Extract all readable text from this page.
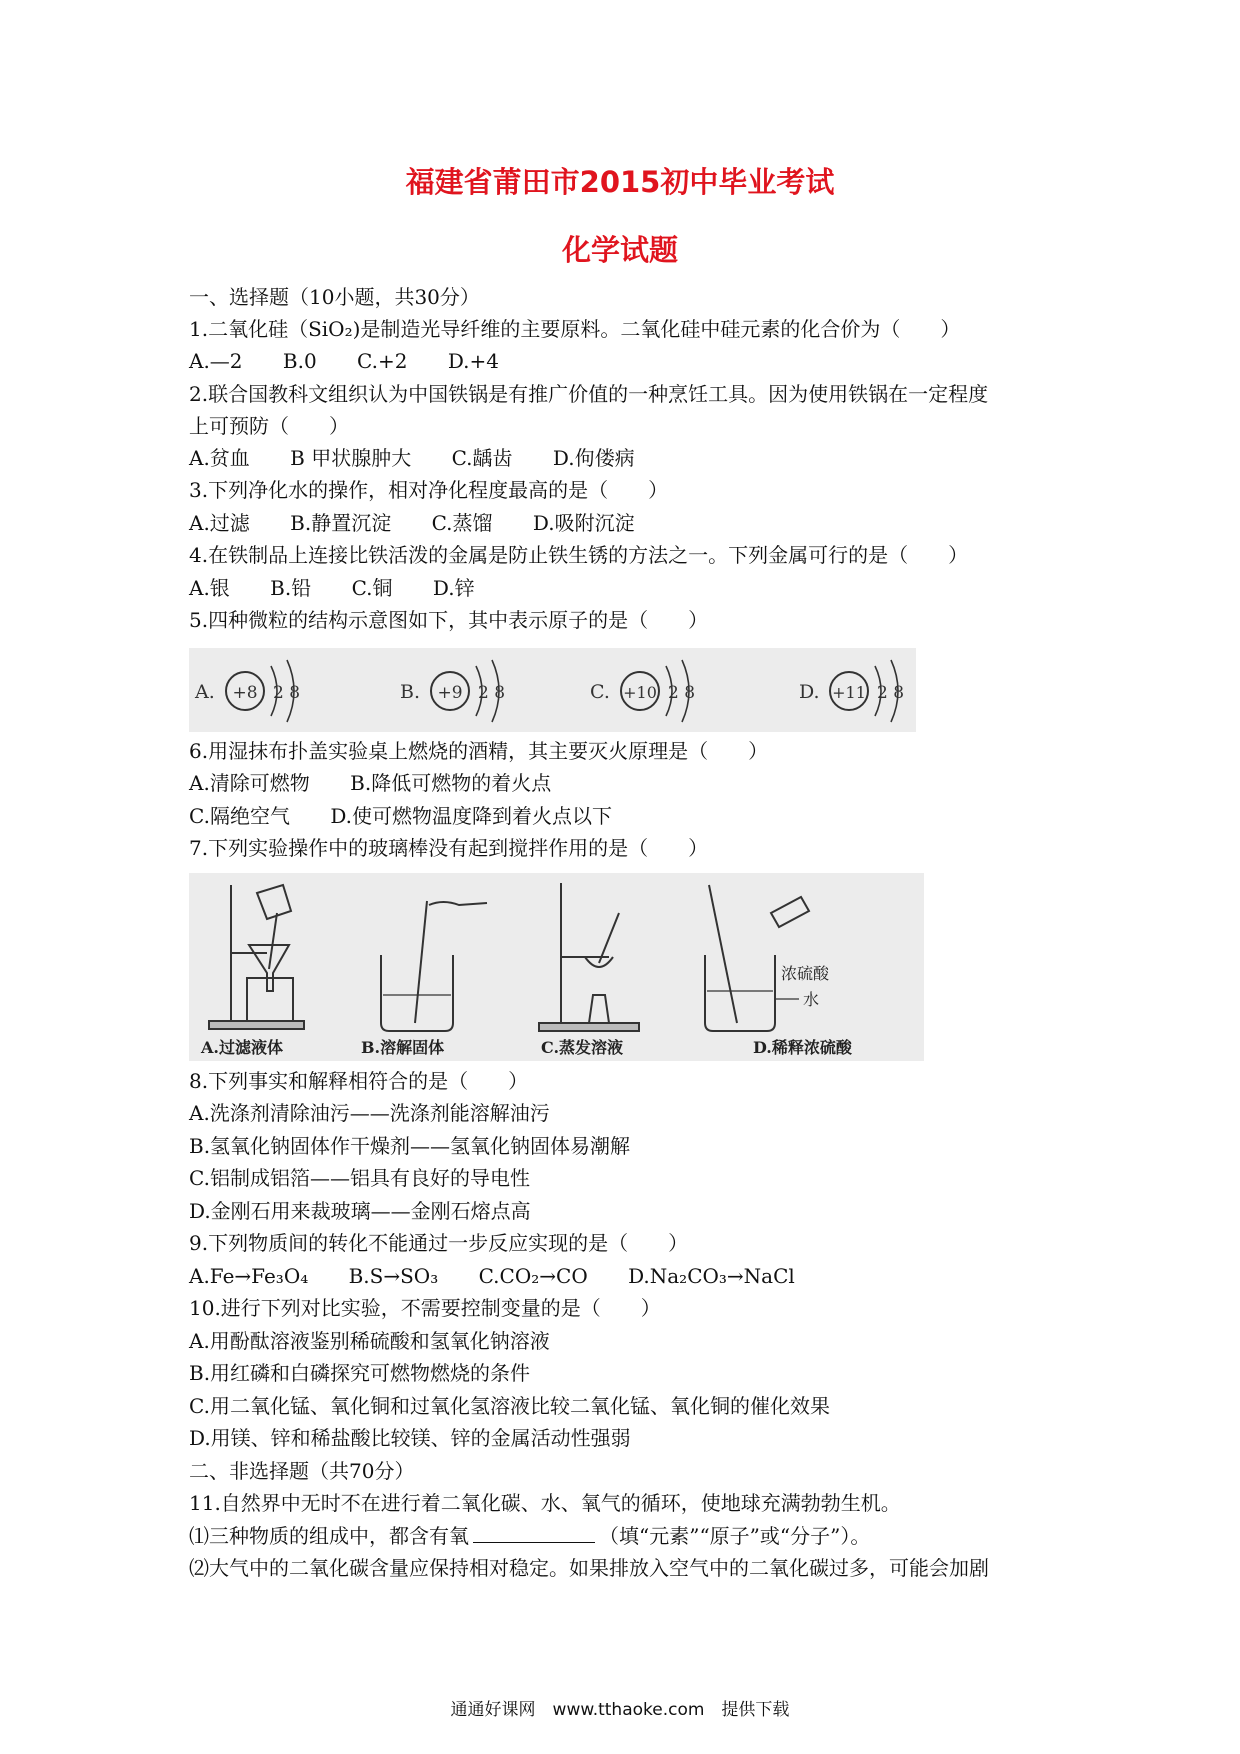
福建省莆田市2015初中毕业考试
化学试题
一、选择题（10小题，共30分）
1.二氧化硅（SiO₂)是制造光导纤维的主要原料。二氧化硅中硅元素的化合价为（　　）
A.—2 B.0 C.+2 D.+4
2.联合国教科文组织认为中国铁锅是有推广价值的一种烹饪工具。因为使用铁锅在一定程度
上可预防（　　）
A.贫血 B 甲状腺肿大 C.龋齿 D.佝偻病
3.下列净化水的操作，相对净化程度最高的是（　　）
A.过滤 B.静置沉淀 C.蒸馏 D.吸附沉淀
4.在铁制品上连接比铁活泼的金属是防止铁生锈的方法之一。下列金属可行的是（　　）
A.银 B.铅 C.铜 D.锌
5.四种微粒的结构示意图如下，其中表示原子的是（　　）
A. +8 2 8	B. +9 2 8	C. +10 2 8	D. +11 2 8
6.用湿抹布扑盖实验桌上燃烧的酒精，其主要灭火原理是（　　）
A.清除可燃物 B.降低可燃物的着火点
C.隔绝空气 D.使可燃物温度降到着火点以下
7.下列实验操作中的玻璃棒没有起到搅拌作用的是（　　）
A.过滤液体	B.溶解固体	C.蒸发溶液
浓硫酸
水
D.稀释浓硫酸
8.下列事实和解释相符合的是（　　）
A.洗涤剂清除油污——洗涤剂能溶解油污
B.氢氧化钠固体作干燥剂——氢氧化钠固体易潮解
C.铝制成铝箔——铝具有良好的导电性
D.金刚石用来裁玻璃——金刚石熔点高
9.下列物质间的转化不能通过一步反应实现的是（　　）
A.Fe→Fe₃O₄ B.S→SO₃ C.CO₂→CO D.Na₂CO₃→NaCl
10.进行下列对比实验，不需要控制变量的是（　　）
A.用酚酞溶液鉴别稀硫酸和氢氧化钠溶液
B.用红磷和白磷探究可燃物燃烧的条件
C.用二氧化锰、氧化铜和过氧化氢溶液比较二氧化锰、氧化铜的催化效果
D.用镁、锌和稀盐酸比较镁、锌的金属活动性强弱
二、非选择题（共70分）
11.自然界中无时不在进行着二氧化碳、水、氧气的循环，使地球充满勃勃生机。
⑴三种物质的组成中，都含有氧	（填“元素”“原子”或“分子”）。
⑵大气中的二氧化碳含量应保持相对稳定。如果排放入空气中的二氧化碳过多，可能会加剧
通通好课网　www.tthaoke.com　提供下载
